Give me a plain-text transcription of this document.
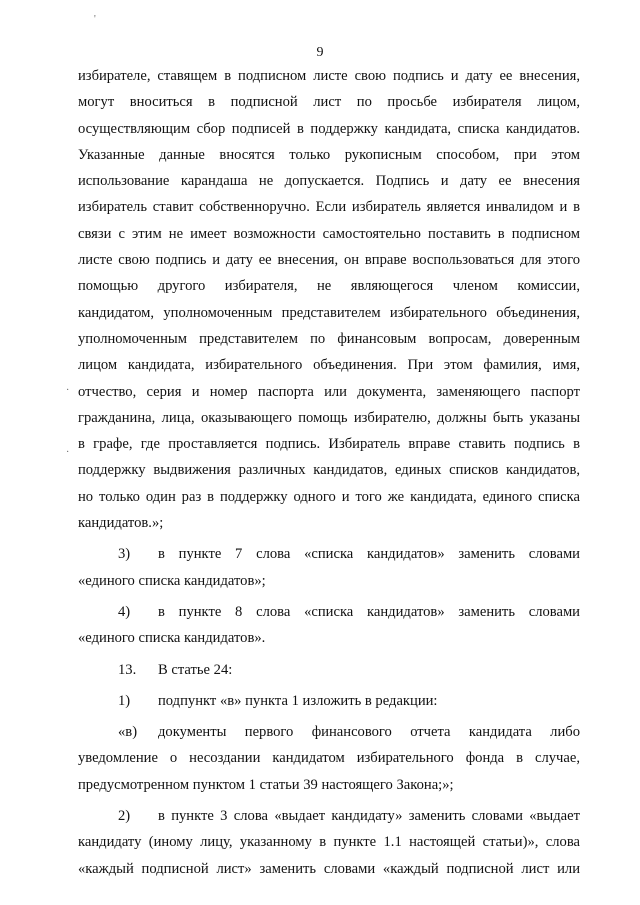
9
'
·
·
избирателе, ставящем в подписном листе свою подпись и дату ее внесения,
могут вноситься в подписной лист по просьбе избирателя лицом,
осуществляющим сбор подписей в поддержку кандидата, списка кандидатов.
Указанные данные вносятся только рукописным способом, при этом
использование карандаша не допускается. Подпись и дату ее внесения
избиратель ставит собственноручно. Если избиратель является инвалидом и в
связи с этим не имеет возможности самостоятельно поставить в подписном
листе свою подпись и дату ее внесения, он вправе воспользоваться для этого
помощью другого избирателя, не являющегося членом комиссии,
кандидатом, уполномоченным представителем избирательного объединения,
уполномоченным представителем по финансовым вопросам, доверенным
лицом кандидата, избирательного объединения. При этом фамилия, имя,
отчество, серия и номер паспорта или документа, заменяющего паспорт
гражданина, лица, оказывающего помощь избирателю, должны быть указаны
в графе, где проставляется подпись. Избиратель вправе ставить подпись в
поддержку выдвижения различных кандидатов, единых списков кандидатов,
но только один раз в поддержку одного и того же кандидата, единого списка
кандидатов.»;
3)	в пункте 7 слова «списка кандидатов» заменить словами
«единого списка кандидатов»;
4)	в пункте 8 слова «списка кандидатов» заменить словами
«единого списка кандидатов».
13.	В статье 24:
1)	подпункт «в» пункта 1 изложить в редакции:
«в)	документы первого финансового отчета кандидата либо
уведомление о несоздании кандидатом избирательного фонда в случае,
предусмотренном пунктом 1 статьи 39 настоящего Закона;»;
2)	в пункте 3 слова «выдает кандидату» заменить словами «выдает
кандидату (иному лицу, указанному в пункте 1.1 настоящей статьи)», слова
«каждый подписной лист» заменить словами «каждый подписной лист или
